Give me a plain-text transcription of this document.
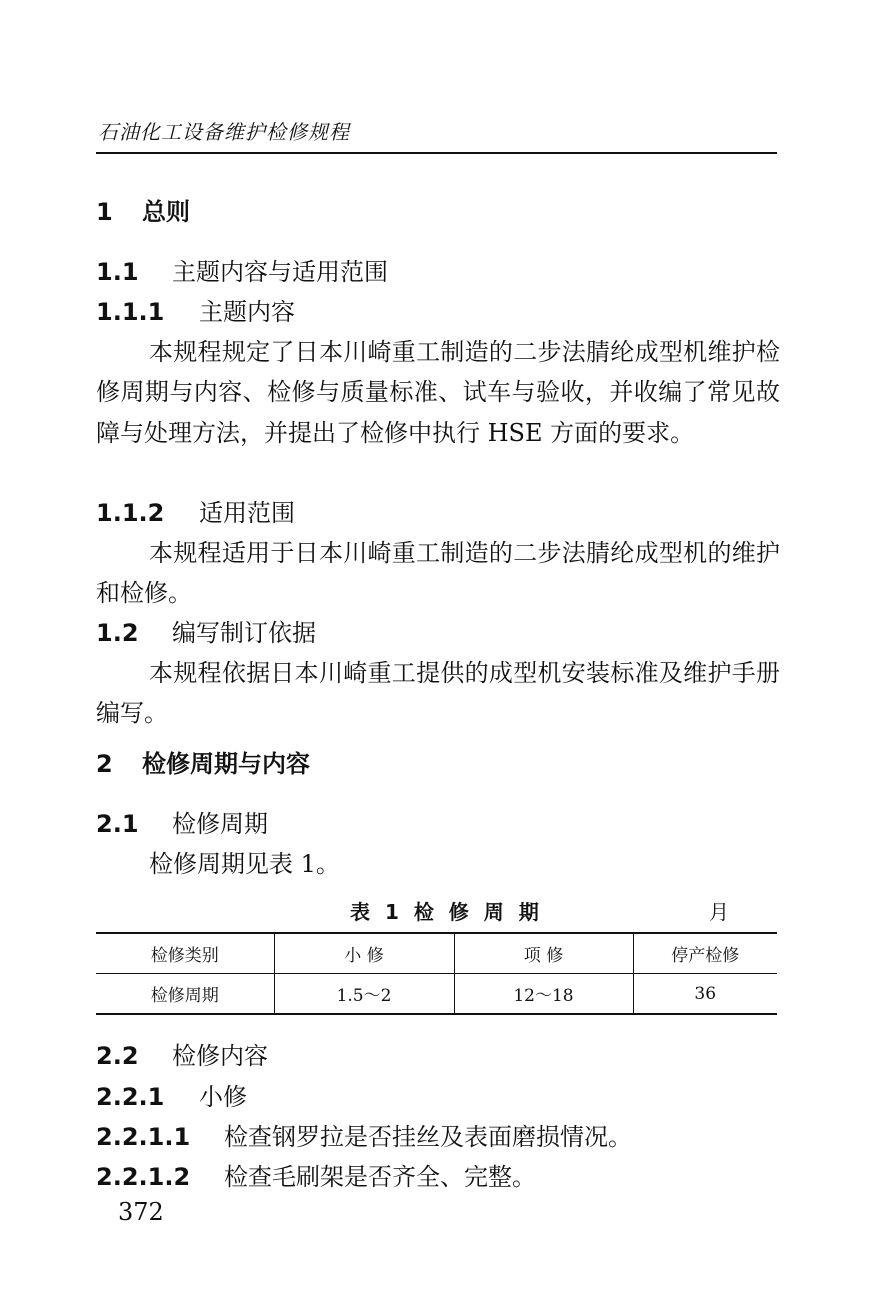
石油化工设备维护检修规程
1 总则
1.1 主题内容与适用范围
1.1.1 主题内容
本规程规定了日本川崎重工制造的二步法腈纶成型机维护检修周期与内容、检修与质量标准、试车与验收，并收编了常见故障与处理方法，并提出了检修中执行 HSE 方面的要求。
1.1.2 适用范围
本规程适用于日本川崎重工制造的二步法腈纶成型机的维护和检修。
1.2 编写制订依据
本规程依据日本川崎重工提供的成型机安装标准及维护手册编写。
2 检修周期与内容
2.1 检修周期
检修周期见表 1。
表 1 检 修 周 期	月
检修类别	小 修	项 修	停产检修
检修周期	1.5～2	12～18	36
2.2 检修内容
2.2.1 小修
2.2.1.1 检查钢罗拉是否挂丝及表面磨损情况。
2.2.1.2 检查毛刷架是否齐全、完整。
372
